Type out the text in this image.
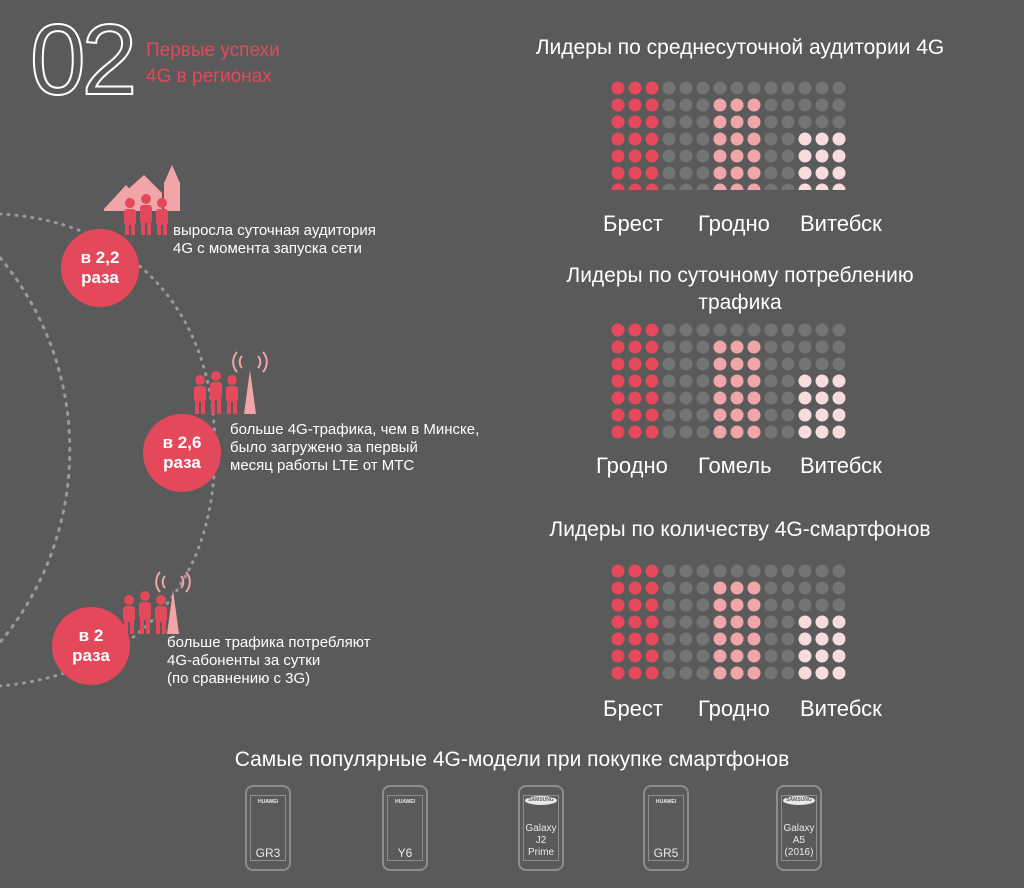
02 Первые успехи
4G в регионах
в 2,2
раза
выросла суточная аудитория
4G с момента запуска сети
в 2,6
раза
больше 4G-трафика, чем в Минске,
было загружено за первый
месяц работы LTE от МТС
в 2
раза
больше трафика потребляют
4G-абоненты за сутки
(по сравнению с 3G)
Лидеры по среднесуточной аудитории 4G
Брест Гродно Витебск
Лидеры по суточному потреблению
трафика
Гродно Гомель Витебск
Лидеры по количеству 4G-смартфонов
Брест Гродно Витебск
Самые популярные 4G-модели при покупке смартфонов
HUAWEI
GR3
HUAWEI
Y6
SAMSUNG
Galaxy
J2
Prime
HUAWEI
GR5
SAMSUNG
Galaxy
A5
(2016)
